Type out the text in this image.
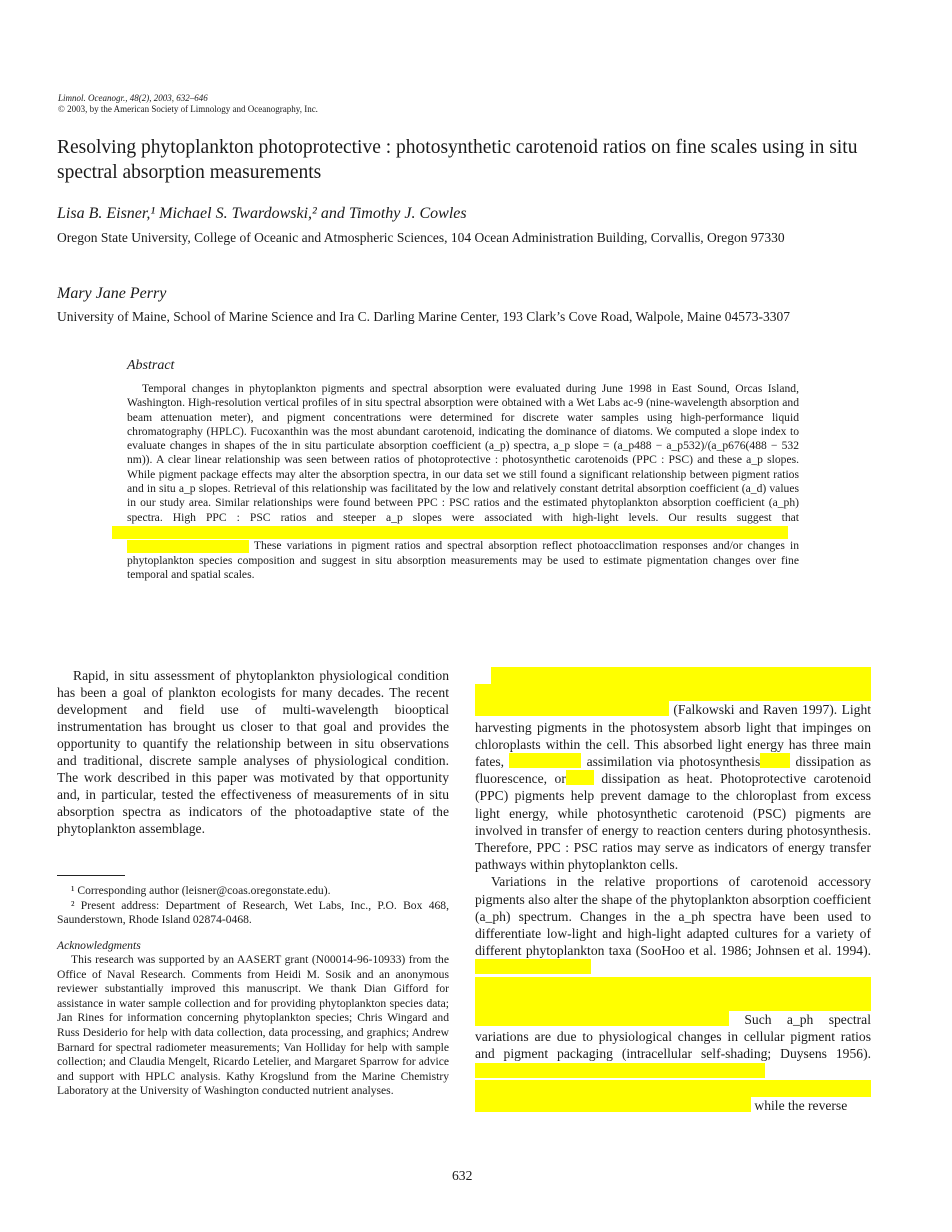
Limnol. Oceanogr., 48(2), 2003, 632–646
© 2003, by the American Society of Limnology and Oceanography, Inc.
Resolving phytoplankton photoprotective : photosynthetic carotenoid ratios on fine scales using in situ spectral absorption measurements
Lisa B. Eisner,¹ Michael S. Twardowski,² and Timothy J. Cowles
Oregon State University, College of Oceanic and Atmospheric Sciences, 104 Ocean Administration Building, Corvallis, Oregon 97330
Mary Jane Perry
University of Maine, School of Marine Science and Ira C. Darling Marine Center, 193 Clark’s Cove Road, Walpole, Maine 04573-3307
Abstract
Temporal changes in phytoplankton pigments and spectral absorption were evaluated during June 1998 in East Sound, Orcas Island, Washington. High-resolution vertical profiles of in situ spectral absorption were obtained with a Wet Labs ac-9 (nine-wavelength absorption and beam attenuation meter), and pigment concentrations were determined for discrete water samples using high-performance liquid chromatography (HPLC). Fucoxanthin was the most abundant carotenoid, indicating the dominance of diatoms. We computed a slope index to evaluate changes in shapes of the in situ particulate absorption coefficient (a_p) spectra, a_p slope = (a_p488 − a_p532)/(a_p676(488 − 532 nm)). A clear linear relationship was seen between ratios of photoprotective : photosynthetic carotenoids (PPC : PSC) and these a_p slopes. While pigment package effects may alter the absorption spectra, in our data set we still found a significant relationship between pigment ratios and in situ a_p slopes. Retrieval of this relationship was facilitated by the low and relatively constant detrital absorption coefficient (a_d) values in our study area. Similar relationships were found between PPC : PSC ratios and the estimated phytoplankton absorption coefficient (a_ph) spectra. High PPC : PSC ratios and steeper a_p slopes were associated with high-light levels. Our results suggest that   These variations in pigment ratios and spectral absorption reflect photoacclimation responses and/or changes in phytoplankton species composition and suggest in situ absorption measurements may be used to estimate pigmentation changes over fine temporal and spatial scales.
Rapid, in situ assessment of phytoplankton physiological condition has been a goal of plankton ecologists for many decades. The recent development and field use of multi-wavelength biooptical instrumentation has brought us closer to that goal and provides the opportunity to quantify the relationship between in situ observations and traditional, discrete sample analyses of physiological condition. The work described in this paper was motivated by that opportunity and, in particular, tested the effectiveness of measurements of in situ absorption spectra as indicators of the photoadaptive state of the phytoplankton assemblage.

¹ Corresponding author (leisner@coas.oregonstate.edu).

² Present address: Department of Research, Wet Labs, Inc., P.O. Box 468, Saunderstown, Rhode Island 02874-0468.

Acknowledgments
This research was supported by an AASERT grant (N00014-96-10933) from the Office of Naval Research. Comments from Heidi M. Sosik and an anonymous reviewer substantially improved this manuscript. We thank Dian Gifford for assistance in water sample collection and for providing phytoplankton species data; Jan Rines for information concerning phytoplankton species; Chris Wingard and Russ Desiderio for help with data collection, data processing, and graphics; Andrew Barnard for spectral radiometer measurements; Van Holliday for help with sample collection; and Claudia Mengelt, Ricardo Letelier, and Margaret Sparrow for advice and support with HPLC analysis. Kathy Krogslund from the Marine Chemistry Laboratory at the University of Washington conducted nutrient analyses.

(Falkowski and Raven 1997). Light harvesting pigments in the photosystem absorb light that impinges on chloroplasts within the cell. This absorbed light energy has three main fates,	assimilation via photosynthesis	dissipation as fluorescence, or	dissipation as heat. Photoprotective carotenoid (PPC) pigments help prevent damage to the chloroplast from excess light energy, while photosynthetic carotenoid (PSC) pigments are involved in transfer of energy to reaction centers during photosynthesis. Therefore, PPC : PSC ratios may serve as indicators of energy transfer pathways within phytoplankton cells.

Variations in the relative proportions of carotenoid accessory pigments also alter the shape of the phytoplankton absorption coefficient (a_ph) spectrum. Changes in the a_ph spectra have been used to differentiate low-light and high-light adapted cultures for a variety of different phytoplankton taxa (SooHoo et al. 1986; Johnsen et al. 1994).

Such a_ph spectral variations are due to physiological changes in cellular pigment ratios and pigment packaging (intracellular self-shading; Duysens 1956).

while the reverse

632
